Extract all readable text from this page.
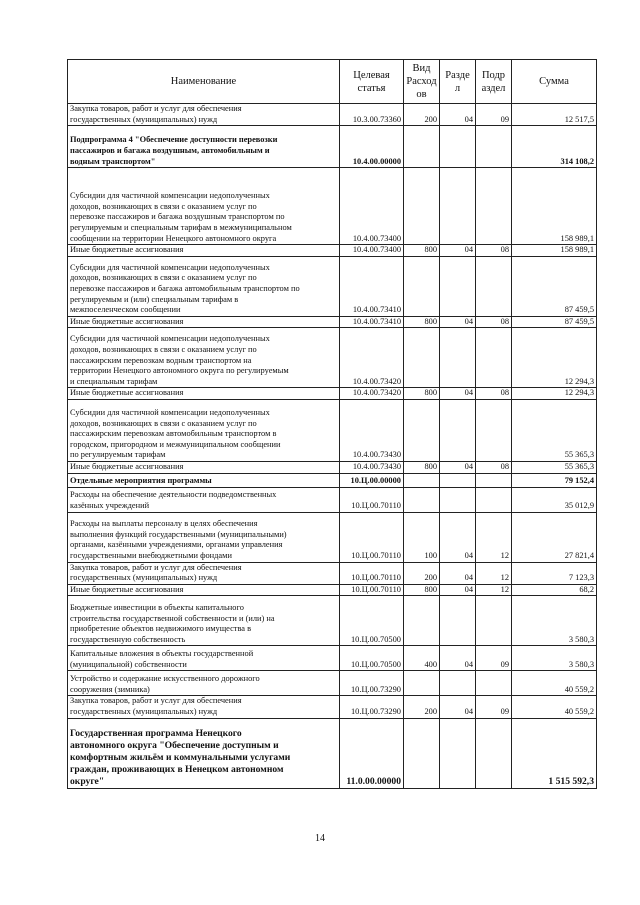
Наименование	Целевая статья	Вид Расход ов	Разде л	Подр аздел	Сумма
Закупка товаров, работ и услуг для обеспечения
государственных (муниципальных) нужд	10.3.00.73360	200	04	09	12 517,5
Подпрограмма 4 "Обеспечение доступности перевозки
пассажиров и багажа воздушным, автомобильным и
водным транспортом"	10.4.00.00000				314 108,2
Субсидии для частичной компенсации недополученных
доходов, возникающих в связи с оказанием услуг по
перевозке пассажиров и багажа воздушным транспортом по
регулируемым и специальным тарифам в межмуниципальном
сообщении на территории Ненецкого автономного округа	10.4.00.73400				158 989,1
Иные бюджетные ассигнования	10.4.00.73400	800	04	08	158 989,1
Субсидии для частичной компенсации недополученных
доходов, возникающих в связи с оказанием услуг по
перевозке пассажиров и багажа автомобильным транспортом по
регулируемым и (или) специальным тарифам в
межпоселенческом сообщении	10.4.00.73410				87 459,5
Иные бюджетные ассигнования	10.4.00.73410	800	04	08	87 459,5
Субсидии для частичной компенсации недополученных
доходов, возникающих в связи с оказанием услуг по
пассажирским перевозкам водным транспортом на
территории Ненецкого автономного округа по регулируемым
и специальным тарифам	10.4.00.73420				12 294,3
Иные бюджетные ассигнования	10.4.00.73420	800	04	08	12 294,3
Субсидии для частичной компенсации недополученных
доходов, возникающих в связи с оказанием услуг по
пассажирским перевозкам автомобильным транспортом в
городском, пригородном и межмуниципальном сообщении
по регулируемым тарифам	10.4.00.73430				55 365,3
Иные бюджетные ассигнования	10.4.00.73430	800	04	08	55 365,3
Отдельные мероприятия программы	10.Ц.00.00000				79 152,4
Расходы на обеспечение деятельности подведомственных
казённых учреждений	10.Ц.00.70110				35 012,9
Расходы на выплаты персоналу в целях обеспечения
выполнения функций государственными (муниципальными)
органами, казёнными учреждениями, органами управления
государственными внебюджетными фондами	10.Ц.00.70110	100	04	12	27 821,4
Закупка товаров, работ и услуг для обеспечения
государственных (муниципальных) нужд	10.Ц.00.70110	200	04	12	7 123,3
Иные бюджетные ассигнования	10.Ц.00.70110	800	04	12	68,2
Бюджетные инвестиции в объекты капитального
строительства государственной собственности и (или) на
приобретение объектов недвижимого имущества в
государственную собственность	10.Ц.00.70500				3 580,3
Капитальные вложения в объекты государственной
(муниципальной) собственности	10.Ц.00.70500	400	04	09	3 580,3
Устройство и содержание искусственного дорожного
сооружения (зимника)	10.Ц.00.73290				40 559,2
Закупка товаров, работ и услуг для обеспечения
государственных (муниципальных) нужд	10.Ц.00.73290	200	04	09	40 559,2
Государственная программа Ненецкого
автономного округа "Обеспечение доступным и
комфортным жильём и коммунальными услугами
граждан, проживающих в Ненецком автономном
округе"	11.0.00.00000				1 515 592,3
14
